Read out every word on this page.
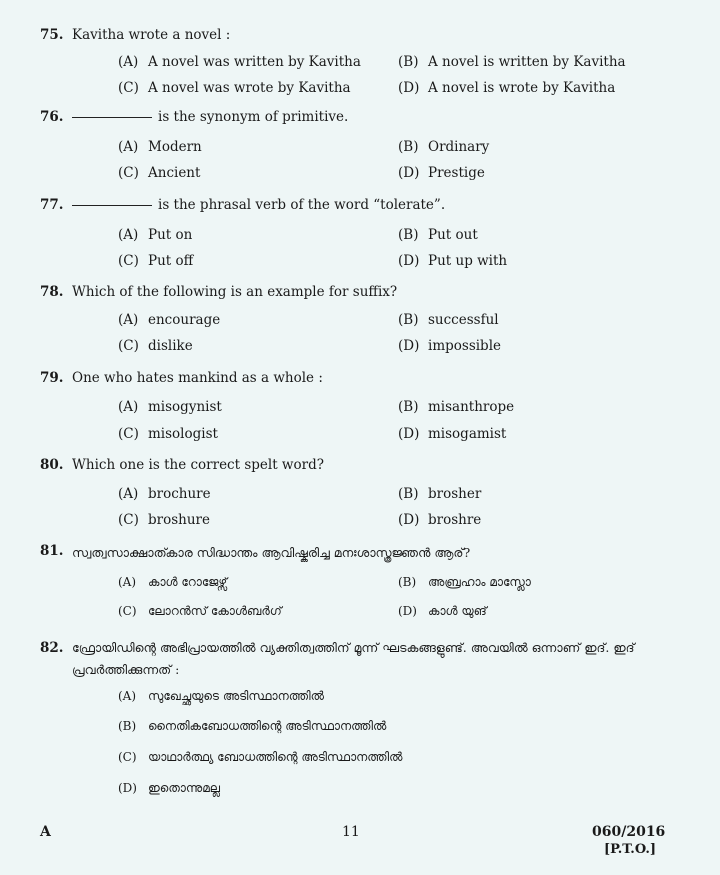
75. Kavitha wrote a novel :
(A) A novel was written by Kavitha	(B) A novel is written by Kavitha
(C) A novel was wrote by Kavitha	(D) A novel is wrote by Kavitha
76.	is the synonym of primitive.
(A) Modern	(B) Ordinary
(C) Ancient	(D) Prestige
77.	is the phrasal verb of the word “tolerate”.
(A) Put on	(B) Put out
(C) Put off	(D) Put up with
78. Which of the following is an example for suffix?
(A) encourage	(B) successful
(C) dislike	(D) impossible
79. One who hates mankind as a whole :
(A) misogynist	(B) misanthrope
(C) misologist	(D) misogamist
80. Which one is the correct spelt word?
(A) brochure	(B) brosher
(C) broshure	(D) broshre
81. സ്വത്വസാക്ഷാത്കാര സിദ്ധാന്തം ആവിഷ്കരിച്ച മനഃശാസ്ത്രജ്ഞൻ ആര്?
(A) കാൾ റോജേഴ്സ്	(B) അബ്രഹാം മാസ്ലോ
(C) ലോറൻസ് കോൾബർഗ്	(D) കാൾ യുങ്
82. ഫ്രോയിഡിന്റെ അഭിപ്രായത്തിൽ വ്യക്തിത്വത്തിന് മൂന്ന് ഘടകങ്ങളുണ്ട്. അവയിൽ ഒന്നാണ് ഇദ്. ഇദ് പ്രവർത്തിക്കുന്നത് :
(A) സുഖേച്ഛയുടെ അടിസ്ഥാനത്തിൽ
(B) നൈതികബോധത്തിന്റെ അടിസ്ഥാനത്തിൽ
(C) യാഥാർത്ഥ്യ ബോധത്തിന്റെ അടിസ്ഥാനത്തിൽ
(D) ഇതൊന്നുമല്ല
A	11	060/2016
[P.T.O.]
